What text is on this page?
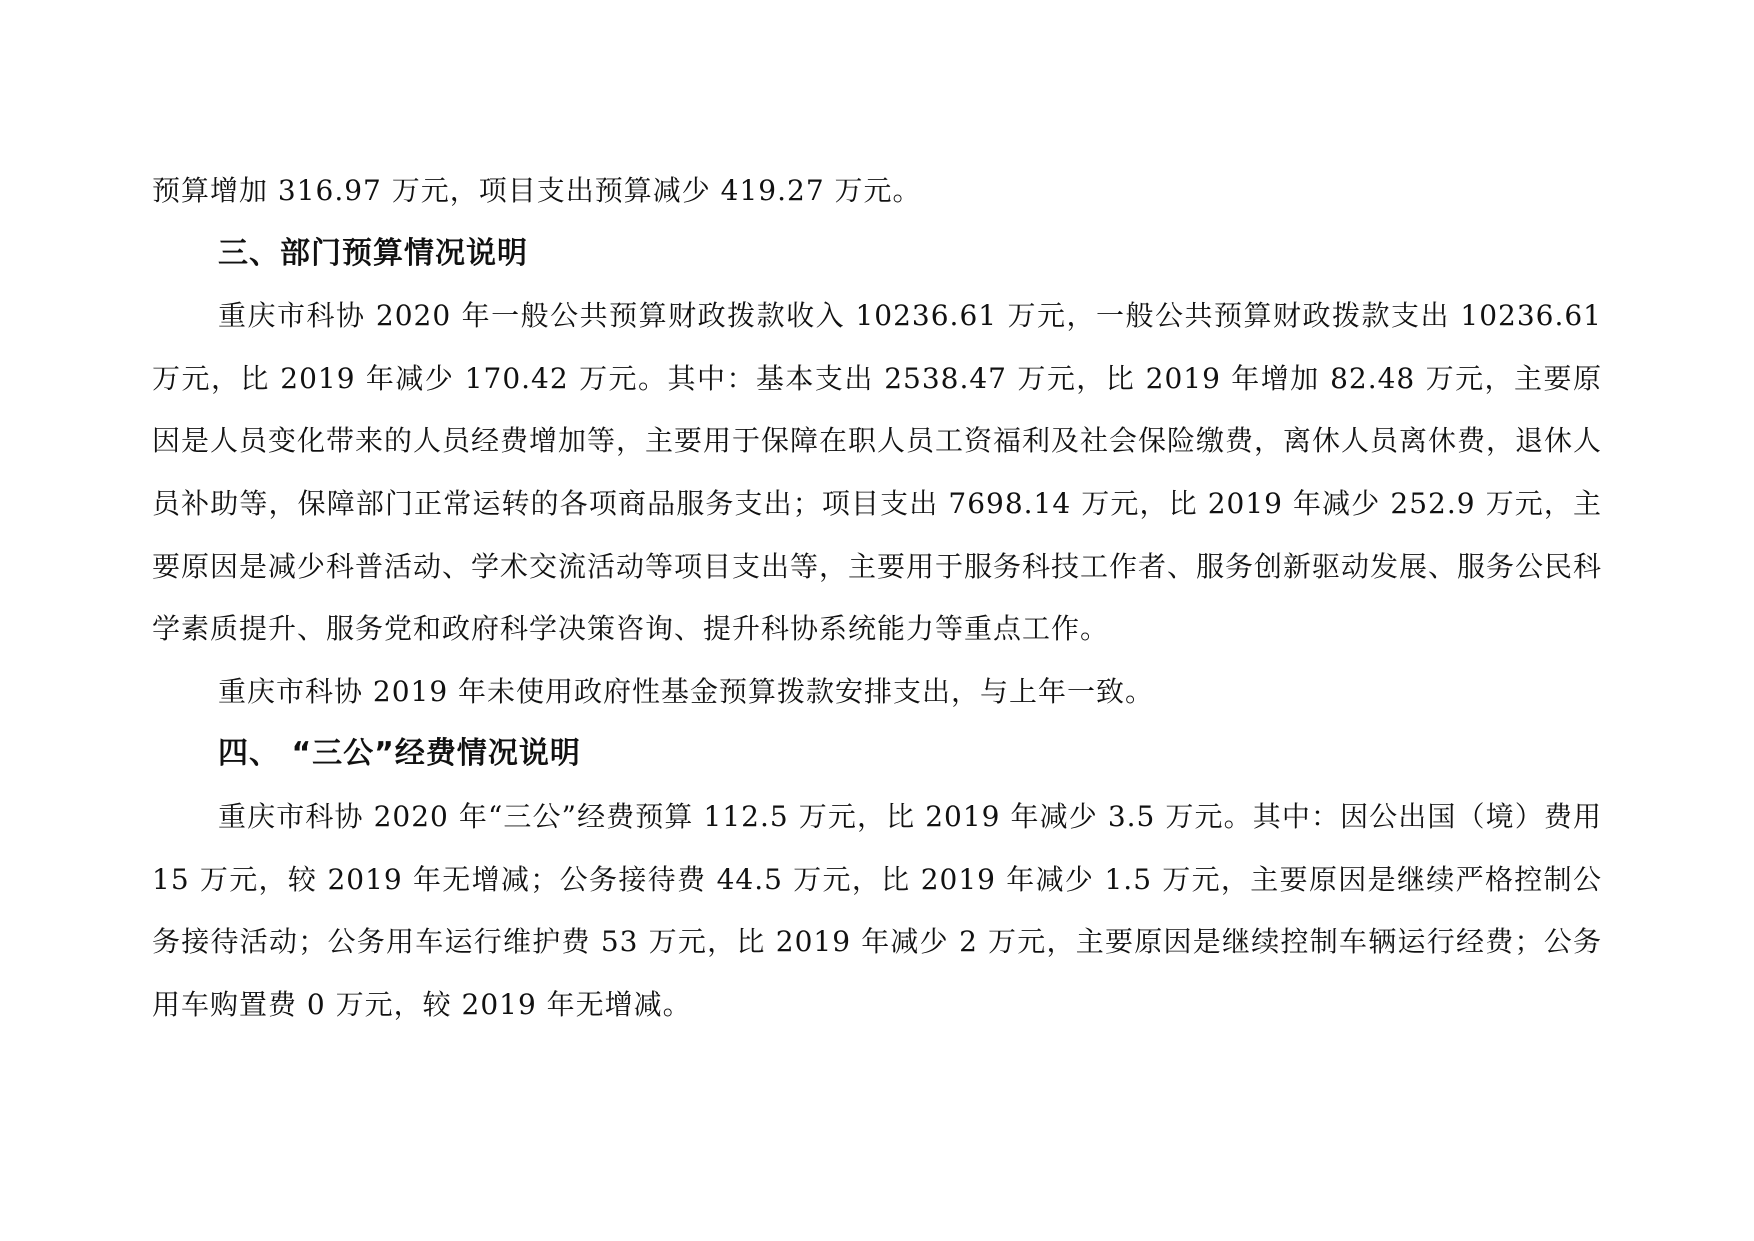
预算增加 316.97 万元，项目支出预算减少 419.27 万元。

三、部门预算情况说明

重庆市科协 2020 年一般公共预算财政拨款收入 10236.61 万元，一般公共预算财政拨款支出 10236.61 万元，比 2019 年减少 170.42 万元。其中：基本支出 2538.47 万元，比 2019 年增加 82.48 万元，主要原因是人员变化带来的人员经费增加等，主要用于保障在职人员工资福利及社会保险缴费，离休人员离休费，退休人员补助等，保障部门正常运转的各项商品服务支出；项目支出 7698.14 万元，比 2019 年减少 252.9 万元，主要原因是减少科普活动、学术交流活动等项目支出等，主要用于服务科技工作者、服务创新驱动发展、服务公民科学素质提升、服务党和政府科学决策咨询、提升科协系统能力等重点工作。

重庆市科协 2019 年未使用政府性基金预算拨款安排支出，与上年一致。

四、 “三公”经费情况说明

重庆市科协 2020 年“三公”经费预算 112.5 万元，比 2019 年减少 3.5 万元。其中：因公出国（境）费用 15 万元，较 2019 年无增减；公务接待费 44.5 万元，比 2019 年减少 1.5 万元，主要原因是继续严格控制公务接待活动；公务用车运行维护费 53 万元，比 2019 年减少 2 万元，主要原因是继续控制车辆运行经费；公务用车购置费 0 万元，较 2019 年无增减。
